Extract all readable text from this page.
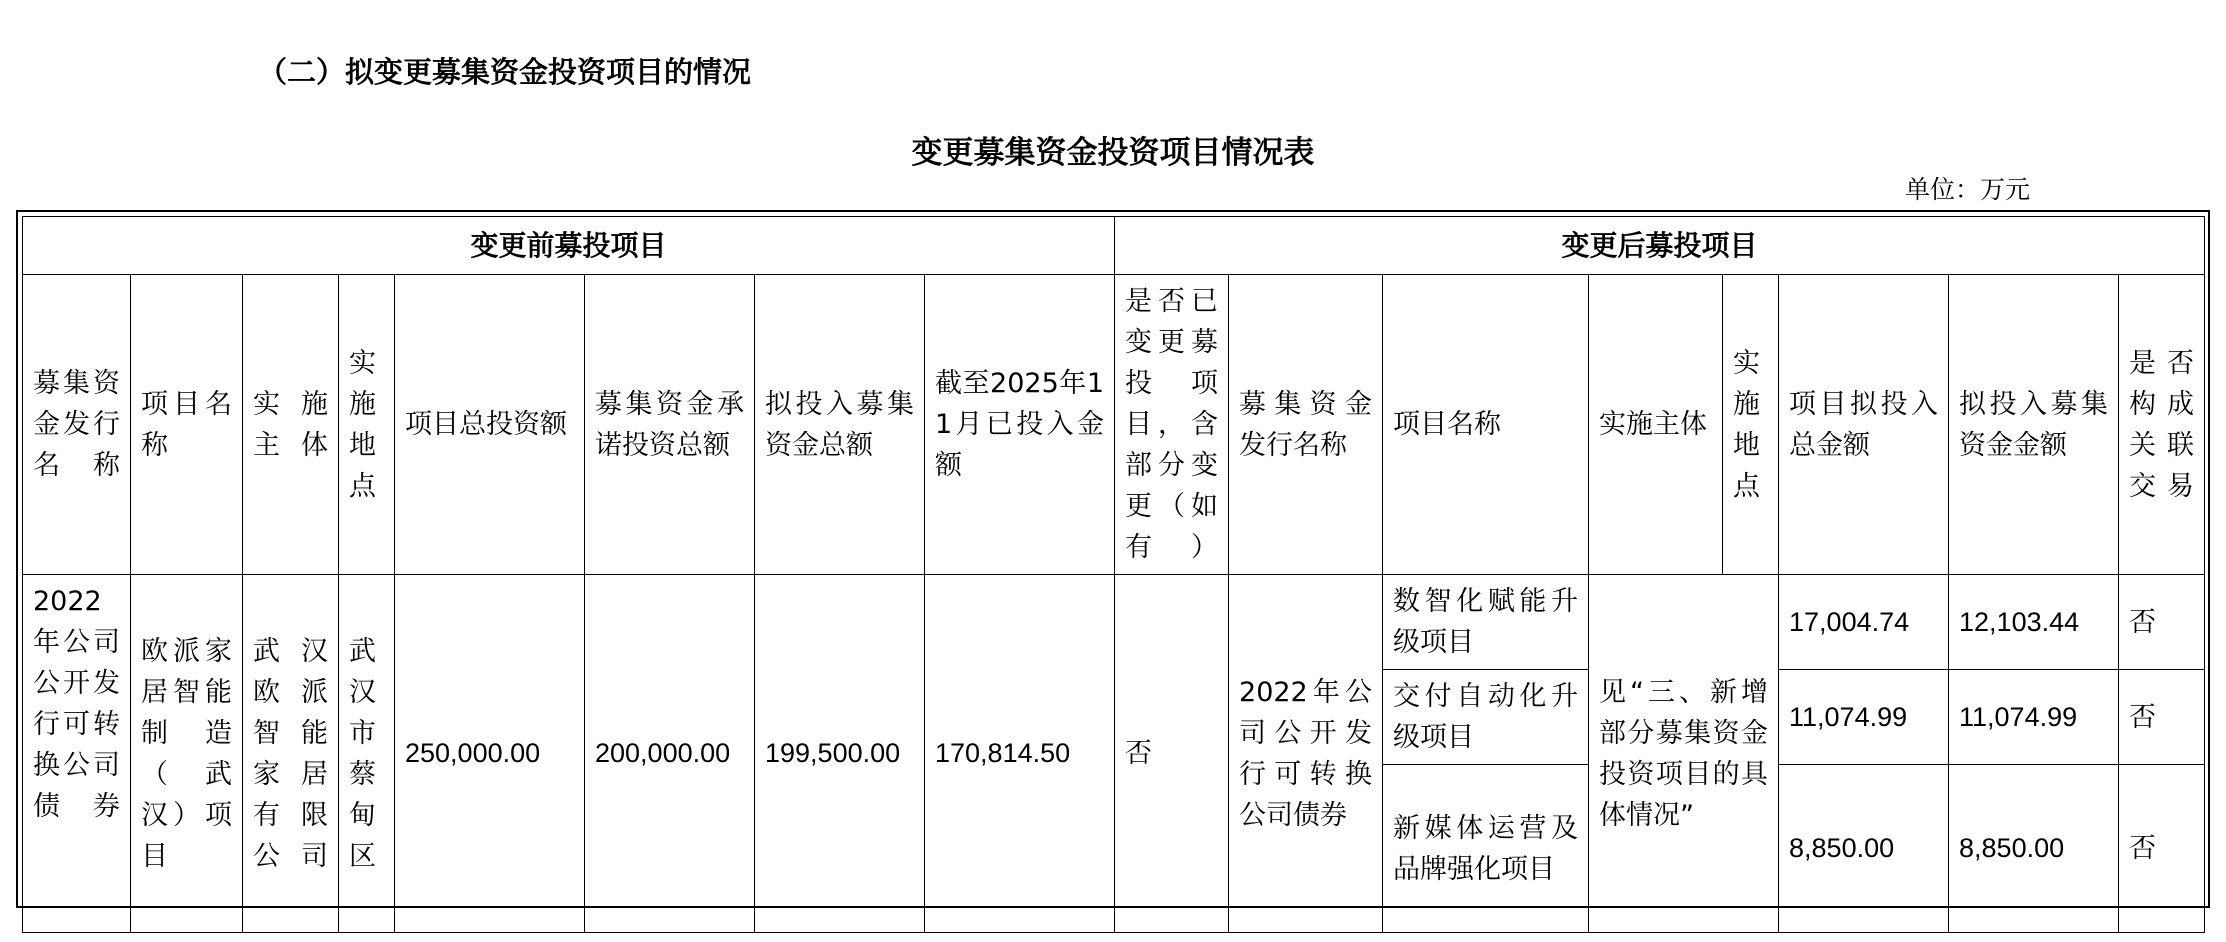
（二）拟变更募集资金投资项目的情况
变更募集资金投资项目情况表
单位：万元
变更前募投项目								变更后募投项目							
募集资金发行名称	项目名称	实施主体	实施地点	项目总投资额	募集资金承诺投资总额	拟投入募集资金总额	截至2025年11月已投入金额	是否已变更募投项目，含部分变更（如有）	募集资金发行名称	项目名称	实施主体	实施地点	项目拟投入总金额	拟投入募集资金金额	是否构成关联交易
2022年公司公开发行可转换公司债券	欧派家居智能制造（武汉）项目	武汉欧派智能家居有限公司	武汉市蔡甸区	250,000.00	200,000.00	199,500.00	170,814.50	否	2022年公司公开发行可转换公司债券	数智化赋能升级项目	见“三、新增部分募集资金投资项目的具体情况”		17,004.74	12,103.44	否
										交付自动化升级项目			11,074.99	11,074.99	否
										新媒体运营及品牌强化项目			8,850.00	8,850.00	否
